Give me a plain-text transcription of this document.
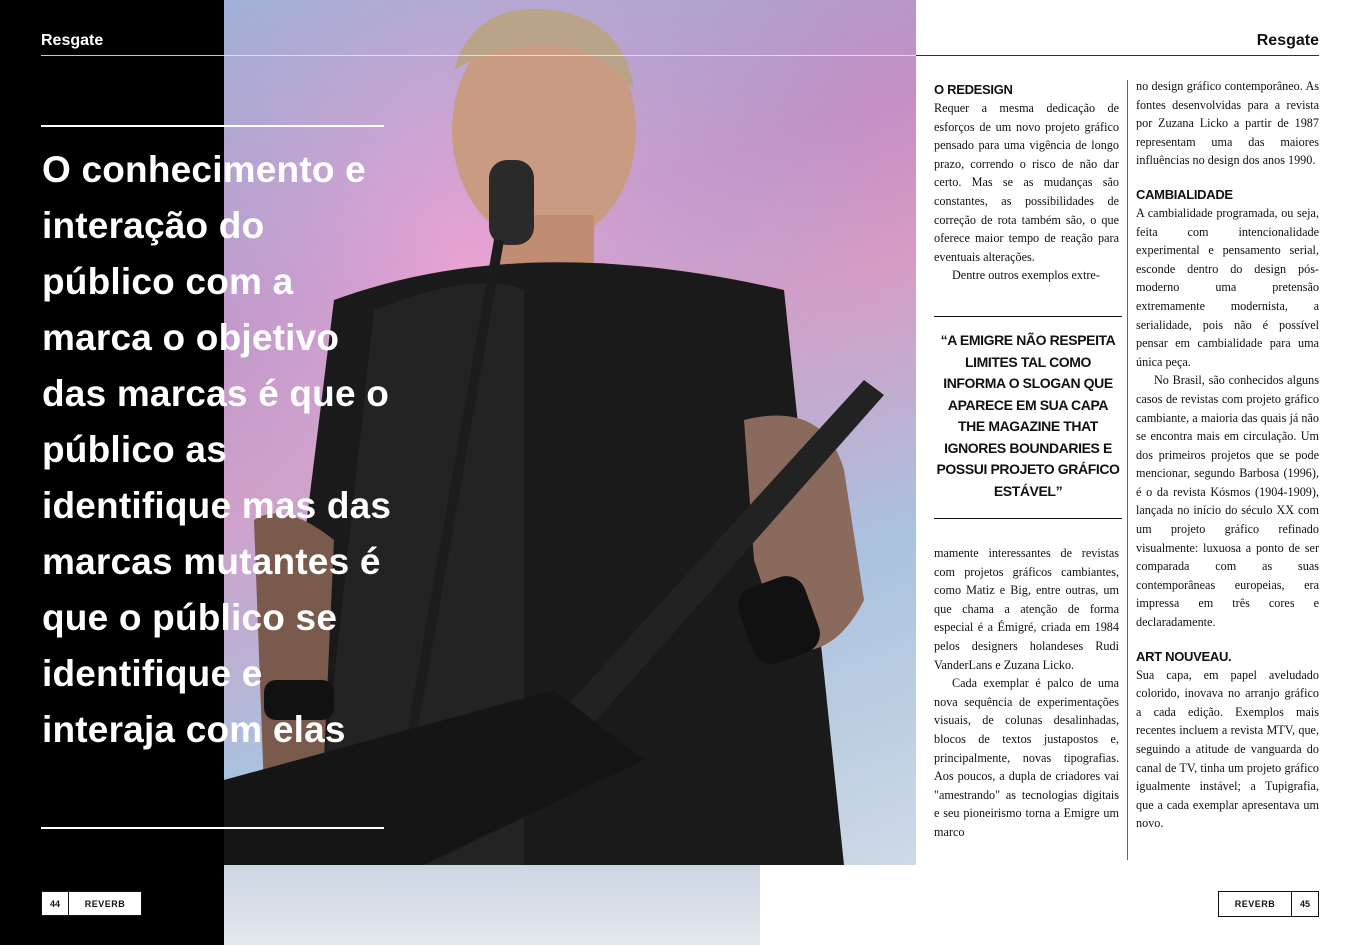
Resgate
O conhecimento e interação do público com a marca o objetivo das marcas é que o público as identifique mas das marcas mutantes é que o público se identifique e interaja com elas
44	REVERB
Resgate
O REDESIGN

Requer a mesma dedicação de esforços de um novo projeto gráfico pensado para uma vigência de longo prazo, correndo o risco de não dar certo. Mas se as mudanças são constantes, as possibilidades de correção de rota também são, o que oferece maior tempo de reação para eventuais alterações.

Dentre outros exemplos extre-

“A EMIGRE NÃO RESPEITA LIMITES TAL COMO INFORMA O SLOGAN QUE APARECE EM SUA CAPA THE MAGAZINE THAT IGNORES BOUNDARIES E POSSUI PROJETO GRÁFICO ESTÁVEL”

mamente interessantes de revistas com projetos gráficos cambiantes, como Matiz e Big, entre outras, um que chama a atenção de forma especial é a Émigré, criada em 1984 pelos designers holandeses Rudi VanderLans e Zuzana Licko.

Cada exemplar é palco de uma nova sequência de experimentações visuais, de colunas desalinhadas, blocos de textos justapostos e, principalmente, novas tipografias. Aos poucos, a dupla de criadores vai "amestrando" as tecnologias digitais e seu pioneirismo torna a Emigre um marco

no design gráfico contemporâneo. As fontes desenvolvidas para a revista por Zuzana Licko a partir de 1987 representam uma das maiores influências no design dos anos 1990.

CAMBIALIDADE

A cambialidade programada, ou seja, feita com intencionalidade experimental e pensamento serial, esconde dentro do design pós-moderno uma pretensão extremamente modernista, a serialidade, pois não é possível pensar em cambialidade para uma única peça.

No Brasil, são conhecidos alguns casos de revistas com projeto gráfico cambiante, a maioria das quais já não se encontra mais em circulação. Um dos primeiros projetos que se pode mencionar, segundo Barbosa (1996), é o da revista Kósmos (1904-1909), lançada no início do século XX com um projeto gráfico refinado visualmente: luxuosa a ponto de ser comparada com as suas contemporâneas europeias, era impressa em três cores e declaradamente.

ART NOUVEAU.

Sua capa, em papel aveludado colorido, inovava no arranjo gráfico a cada edição. Exemplos mais recentes incluem a revista MTV, que, seguindo a atitude de vanguarda do canal de TV, tinha um projeto gráfico igualmente instável; a Tupigrafia, que a cada exemplar apresentava um novo.

REVERB	45
